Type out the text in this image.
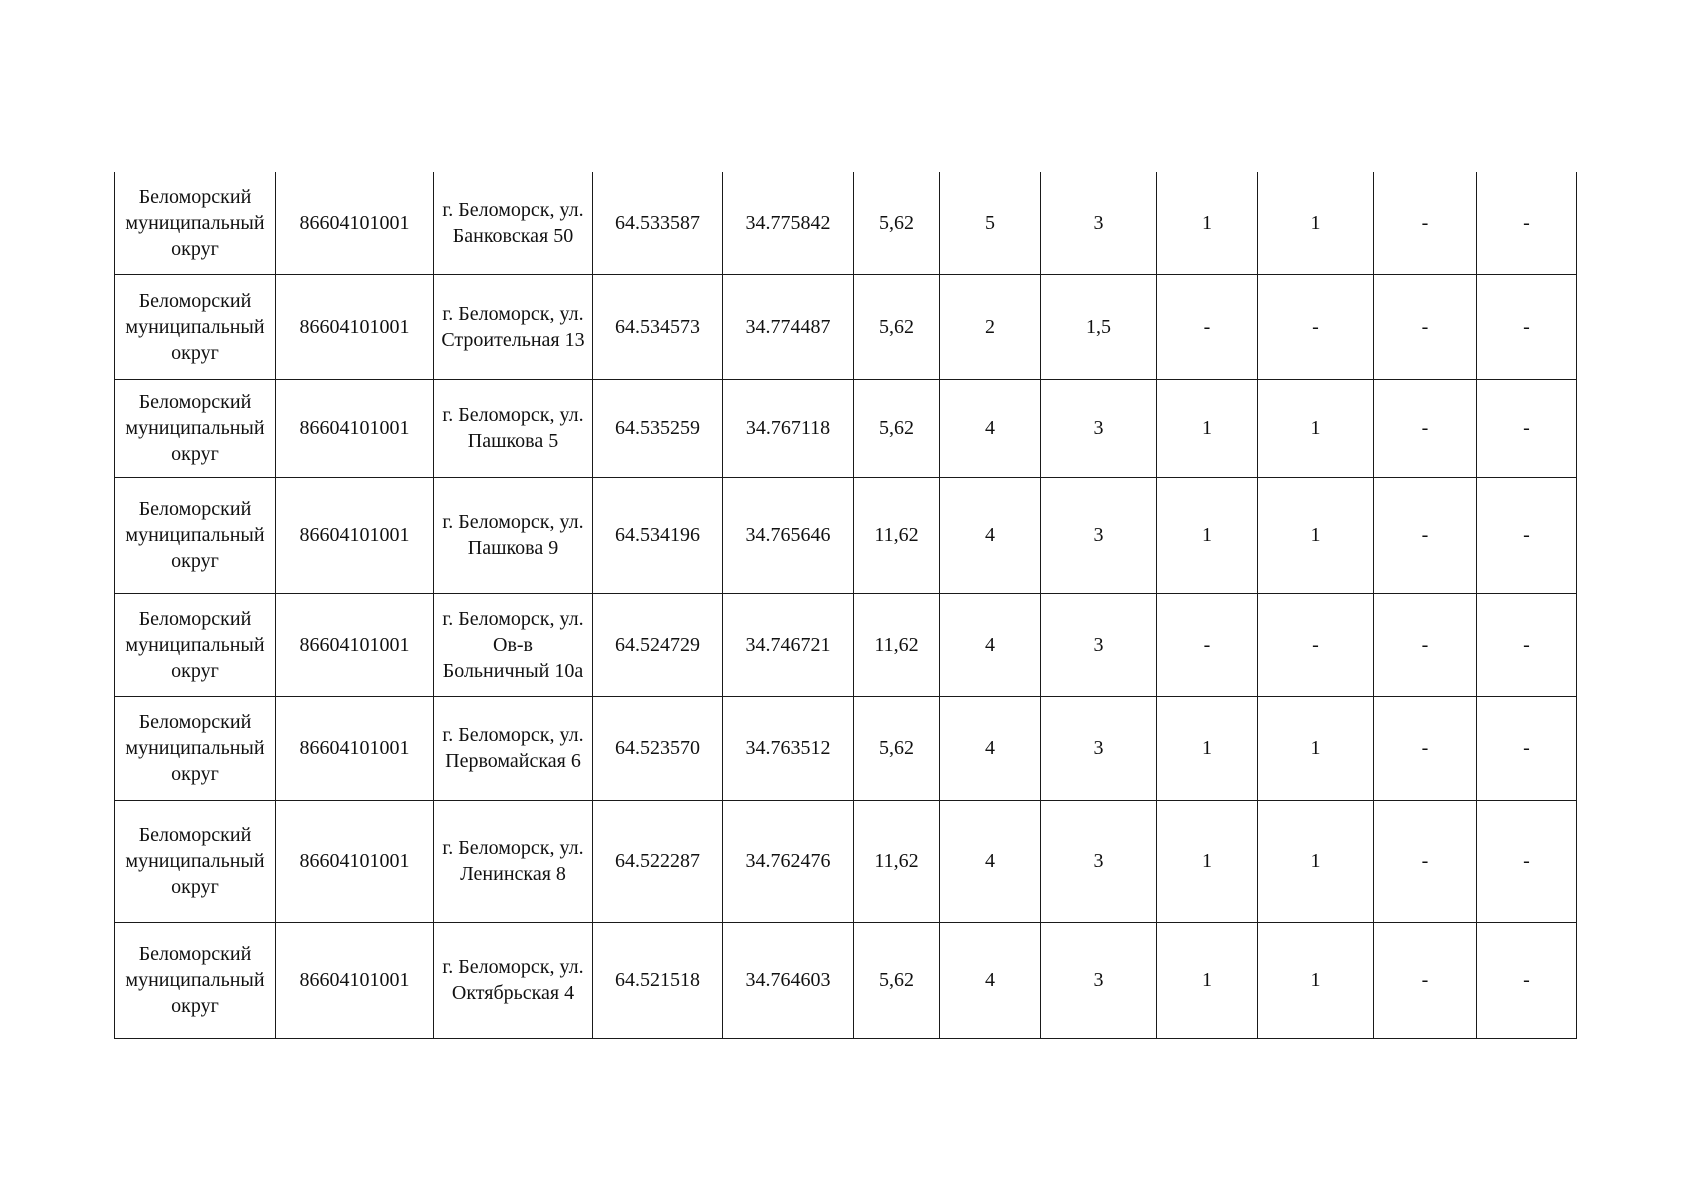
Беломорский муниципальный округ	86604101001	г. Беломорск, ул. Банковская 50	64.533587	34.775842	5,62	5	3	1	1	-	-
Беломорский муниципальный округ	86604101001	г. Беломорск, ул. Строительная 13	64.534573	34.774487	5,62	2	1,5	-	-	-	-
Беломорский муниципальный округ	86604101001	г. Беломорск, ул. Пашкова 5	64.535259	34.767118	5,62	4	3	1	1	-	-
Беломорский муниципальный округ	86604101001	г. Беломорск, ул. Пашкова 9	64.534196	34.765646	11,62	4	3	1	1	-	-
Беломорский муниципальный округ	86604101001	г. Беломорск, ул. Ов-в Больничный 10а	64.524729	34.746721	11,62	4	3	-	-	-	-
Беломорский муниципальный округ	86604101001	г. Беломорск, ул. Первомайская 6	64.523570	34.763512	5,62	4	3	1	1	-	-
Беломорский муниципальный округ	86604101001	г. Беломорск, ул. Ленинская 8	64.522287	34.762476	11,62	4	3	1	1	-	-
Беломорский муниципальный округ	86604101001	г. Беломорск, ул. Октябрьская 4	64.521518	34.764603	5,62	4	3	1	1	-	-
